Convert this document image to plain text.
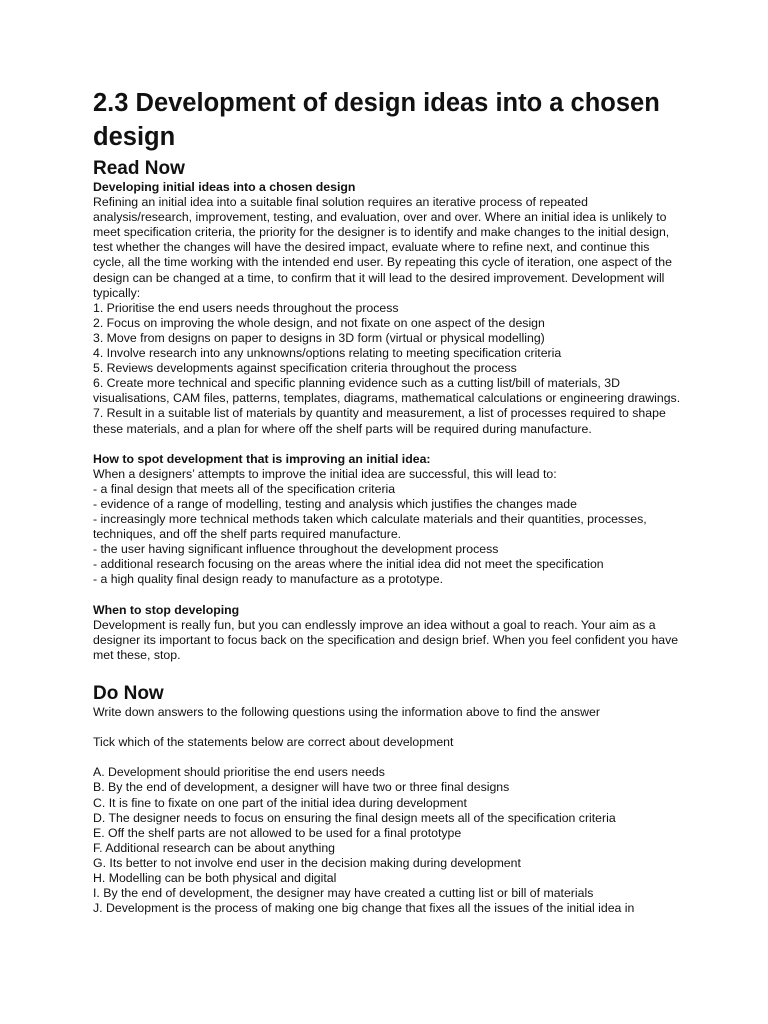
2.3 Development of design ideas into a chosen design
Read Now
Developing initial ideas into a chosen design

Refining an initial idea into a suitable final solution requires an iterative process of repeated analysis/research, improvement, testing, and evaluation, over and over. Where an initial idea is unlikely to meet specification criteria, the priority for the designer is to identify and make changes to the initial design, test whether the changes will have the desired impact, evaluate where to refine next, and continue this cycle, all the time working with the intended end user. By repeating this cycle of iteration, one aspect of the design can be changed at a time, to confirm that it will lead to the desired improvement. Development will typically:

1. Prioritise the end users needs throughout the process
2. Focus on improving the whole design, and not fixate on one aspect of the design
3. Move from designs on paper to designs in 3D form (virtual or physical modelling)
4. Involve research into any unknowns/options relating to meeting specification criteria
5. Reviews developments against specification criteria throughout the process
6. Create more technical and specific planning evidence such as a cutting list/bill of materials, 3D visualisations, CAM files, patterns, templates, diagrams, mathematical calculations or engineering drawings.
7. Result in a suitable list of materials by quantity and measurement, a list of processes required to shape these materials, and a plan for where off the shelf parts will be required during manufacture.
How to spot development that is improving an initial idea:

When a designers’ attempts to improve the initial idea are successful, this will lead to:

- a final design that meets all of the specification criteria
- evidence of a range of modelling, testing and analysis which justifies the changes made
- increasingly more technical methods taken which calculate materials and their quantities, processes, techniques, and off the shelf parts required manufacture.
- the user having significant influence throughout the development process
- additional research focusing on the areas where the initial idea did not meet the specification
- a high quality final design ready to manufacture as a prototype.
When to stop developing

Development is really fun, but you can endlessly improve an idea without a goal to reach. Your aim as a designer its important to focus back on the specification and design brief. When you feel confident you have met these, stop.

Do Now

Write down answers to the following questions using the information above to find the answer

Tick which of the statements below are correct about development

A. Development should prioritise the end users needs
B. By the end of development, a designer will have two or three final designs
C. It is fine to fixate on one part of the initial idea during development
D. The designer needs to focus on ensuring the final design meets all of the specification criteria
E. Off the shelf parts are not allowed to be used for a final prototype
F. Additional research can be about anything
G. Its better to not involve end user in the decision making during development
H. Modelling can be both physical and digital
I. By the end of development, the designer may have created a cutting list or bill of materials
J. Development is the process of making one big change that fixes all the issues of the initial idea in
